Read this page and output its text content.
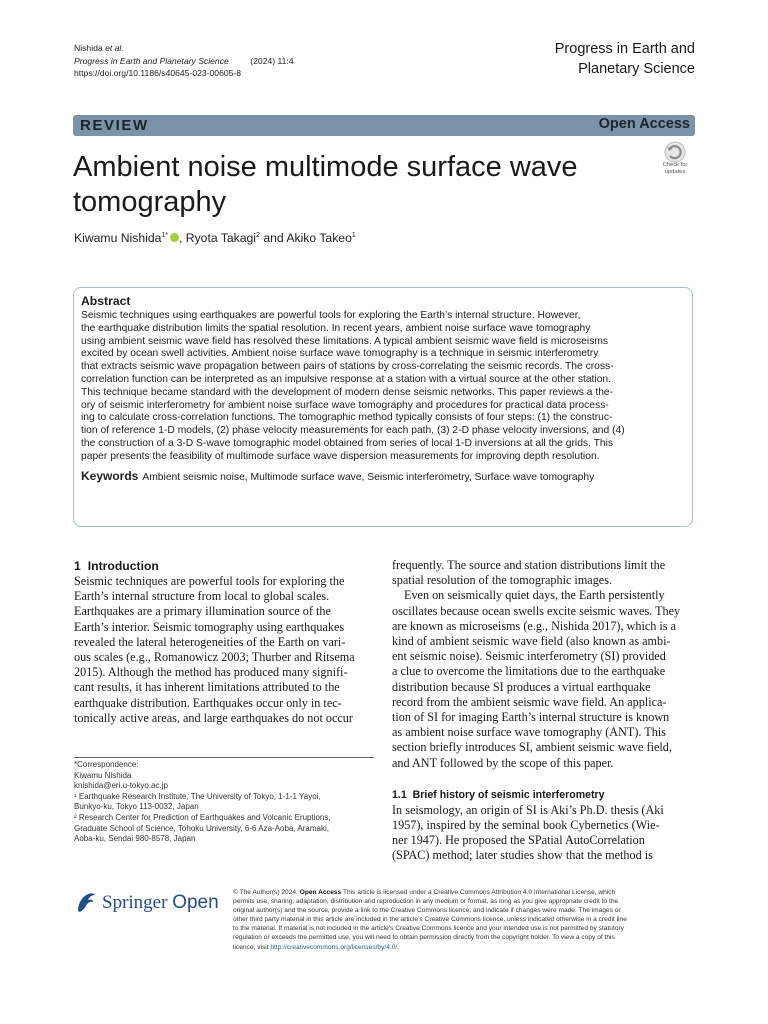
Nishida et al.
Progress in Earth and Planetary Science	(2024) 11:4
https://doi.org/10.1186/s40645-023-00605-8
Progress in Earth and
Planetary Science
REVIEW	Open Access
Ambient noise multimode surface wave
tomography
Check for
updates
Kiwamu Nishida$^{1*}$ , Ryota Takagi$^2$ and Akiko Takeo$^1$
Abstract
Seismic techniques using earthquakes are powerful tools for exploring the Earth’s internal structure. However,
the earthquake distribution limits the spatial resolution. In recent years, ambient noise surface wave tomography
using ambient seismic wave field has resolved these limitations. A typical ambient seismic wave field is microseisms
excited by ocean swell activities. Ambient noise surface wave tomography is a technique in seismic interferometry
that extracts seismic wave propagation between pairs of stations by cross-correlating the seismic records. The cross-
correlation function can be interpreted as an impulsive response at a station with a virtual source at the other station.
This technique became standard with the development of modern dense seismic networks. This paper reviews a the-
ory of seismic interferometry for ambient noise surface wave tomography and procedures for practical data process-
ing to calculate cross-correlation functions. The tomographic method typically consists of four steps: (1) the construc-
tion of reference 1-D models, (2) phase velocity measurements for each path, (3) 2-D phase velocity inversions, and (4)
the construction of a 3-D S-wave tomographic model obtained from series of local 1-D inversions at all the grids. This
paper presents the feasibility of multimode surface wave dispersion measurements for improving depth resolution.
Keywords Ambient seismic noise, Multimode surface wave, Seismic interferometry, Surface wave tomography
1 Introduction
Seismic techniques are powerful tools for exploring the
Earth’s internal structure from local to global scales.
Earthquakes are a primary illumination source of the
Earth’s interior. Seismic tomography using earthquakes
revealed the lateral heterogeneities of the Earth on vari-
ous scales (e.g., Romanowicz 2003; Thurber and Ritsema
2015). Although the method has produced many signifi-
cant results, it has inherent limitations attributed to the
earthquake distribution. Earthquakes occur only in tec-
tonically active areas, and large earthquakes do not occur
*Correspondence:
Kiwamu Nishida
knishida@eri.u-tokyo.ac.jp
¹ Earthquake Research Institute, The University of Tokyo, 1-1-1 Yayoi,
Bunkyo-ku, Tokyo 113-0032, Japan
² Research Center for Prediction of Earthquakes and Volcanic Eruptions,
Graduate School of Science, Tohoku University, 6-6 Aza-Aoba, Aramaki,
Aoba-ku, Sendai 980-8578, Japan
frequently. The source and station distributions limit the
spatial resolution of the tomographic images.
Even on seismically quiet days, the Earth persistently
oscillates because ocean swells excite seismic waves. They
are known as microseisms (e.g., Nishida 2017), which is a
kind of ambient seismic wave field (also known as ambi-
ent seismic noise). Seismic interferometry (SI) provided
a clue to overcome the limitations due to the earthquake
distribution because SI produces a virtual earthquake
record from the ambient seismic wave field. An applica-
tion of SI for imaging Earth’s internal structure is known
as ambient noise surface wave tomography (ANT). This
section briefly introduces SI, ambient seismic wave field,
and ANT followed by the scope of this paper.
1.1 Brief history of seismic interferometry
In seismology, an origin of SI is Aki’s Ph.D. thesis (Aki
1957), inspired by the seminal book Cybernetics (Wie-
ner 1947). He proposed the SPatial AutoCorrelation
(SPAC) method; later studies show that the method is
Springer Open © The Author(s) 2024. Open Access This article is licensed under a Creative Commons Attribution 4.0 International License, which
permits use, sharing, adaptation, distribution and reproduction in any medium or format, as long as you give appropriate credit to the
original author(s) and the source, provide a link to the Creative Commons licence, and indicate if changes were made. The images or
other third party material in this article are included in the article’s Creative Commons licence, unless indicated otherwise in a credit line
to the material. If material is not included in the article’s Creative Commons licence and your intended use is not permitted by statutory
regulation or exceeds the permitted use, you will need to obtain permission directly from the copyright holder. To view a copy of this
licence, visit http://creativecommons.org/licenses/by/4.0/.
